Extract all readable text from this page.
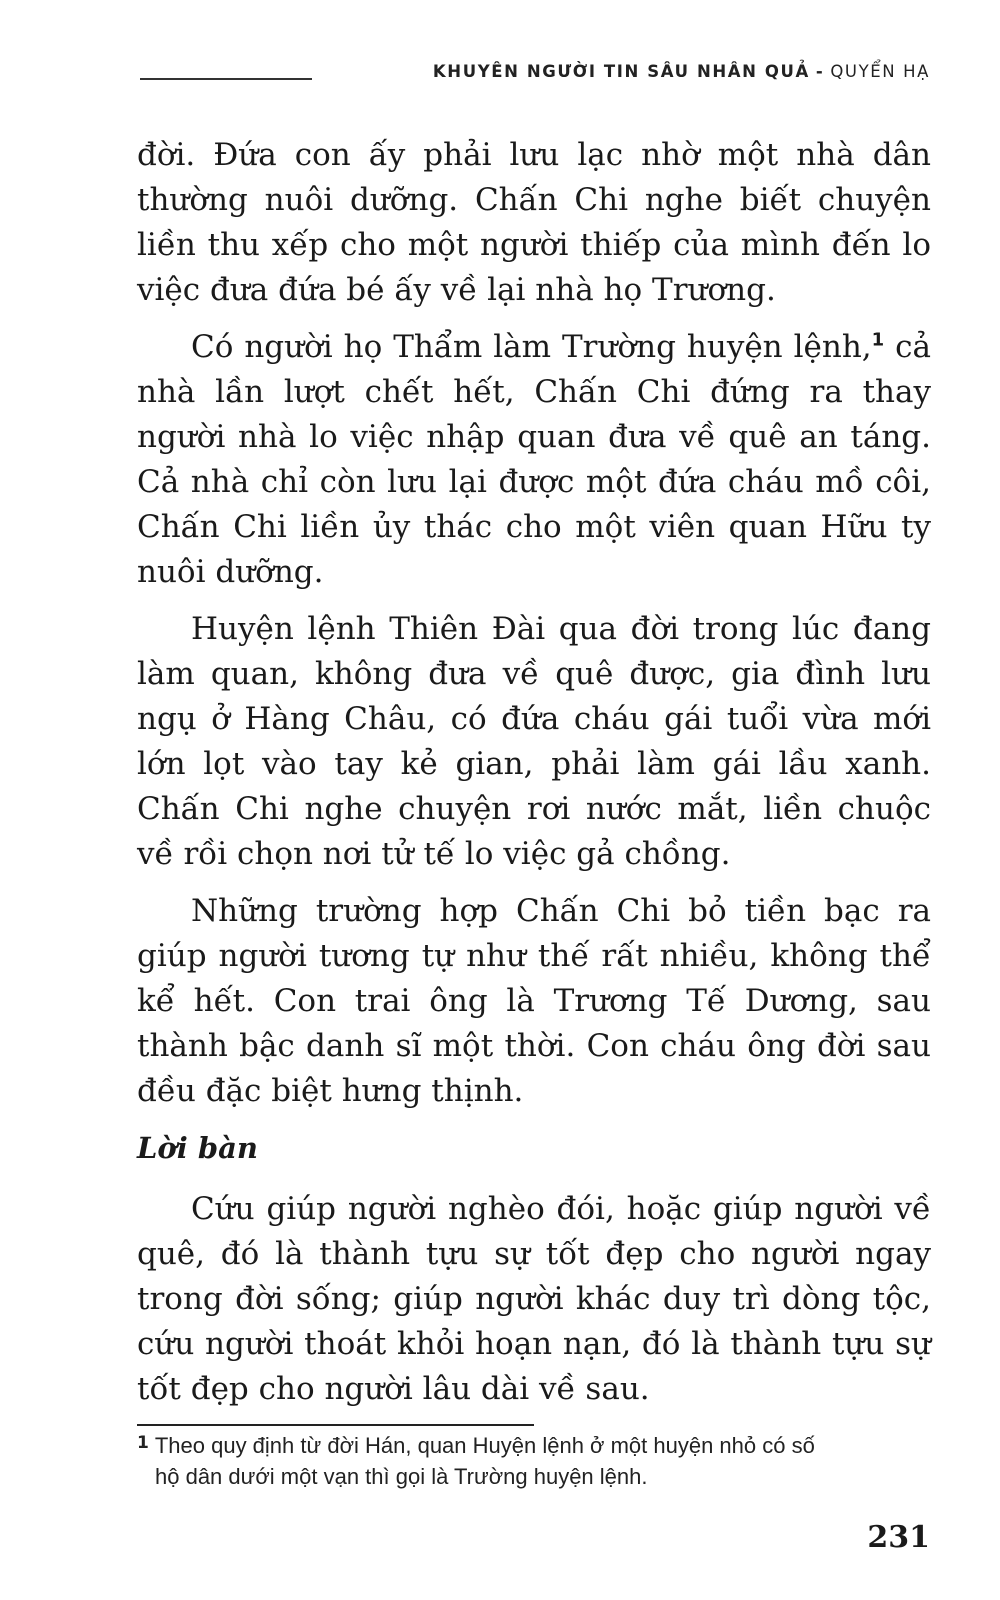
KHUYÊN NGƯỜI TIN SÂU NHÂN QUẢ - QUYỂN HẠ

đời. Đứa con ấy phải lưu lạc nhờ một nhà dân thường nuôi dưỡng. Chấn Chi nghe biết chuyện liền thu xếp cho một người thiếp của mình đến lo việc đưa đứa bé ấy về lại nhà họ Trương.

Có người họ Thẩm làm Trường huyện lệnh,$^1$ cả nhà lần lượt chết hết, Chấn Chi đứng ra thay người nhà lo việc nhập quan đưa về quê an táng. Cả nhà chỉ còn lưu lại được một đứa cháu mồ côi, Chấn Chi liền ủy thác cho một viên quan Hữu ty nuôi dưỡng.

Huyện lệnh Thiên Đài qua đời trong lúc đang làm quan, không đưa về quê được, gia đình lưu ngụ ở Hàng Châu, có đứa cháu gái tuổi vừa mới lớn lọt vào tay kẻ gian, phải làm gái lầu xanh. Chấn Chi nghe chuyện rơi nước mắt, liền chuộc về rồi chọn nơi tử tế lo việc gả chồng.

Những trường hợp Chấn Chi bỏ tiền bạc ra giúp người tương tự như thế rất nhiều, không thể kể hết. Con trai ông là Trương Tế Dương, sau thành bậc danh sĩ một thời. Con cháu ông đời sau đều đặc biệt hưng thịnh.

Lời bàn

Cứu giúp người nghèo đói, hoặc giúp người về quê, đó là thành tựu sự tốt đẹp cho người ngay trong đời sống; giúp người khác duy trì dòng tộc, cứu người thoát khỏi hoạn nạn, đó là thành tựu sự tốt đẹp cho người lâu dài về sau.

$^1$ Theo quy định từ đời Hán, quan Huyện lệnh ở một huyện nhỏ có số
hộ dân dưới một vạn thì gọi là Trường huyện lệnh.
231
